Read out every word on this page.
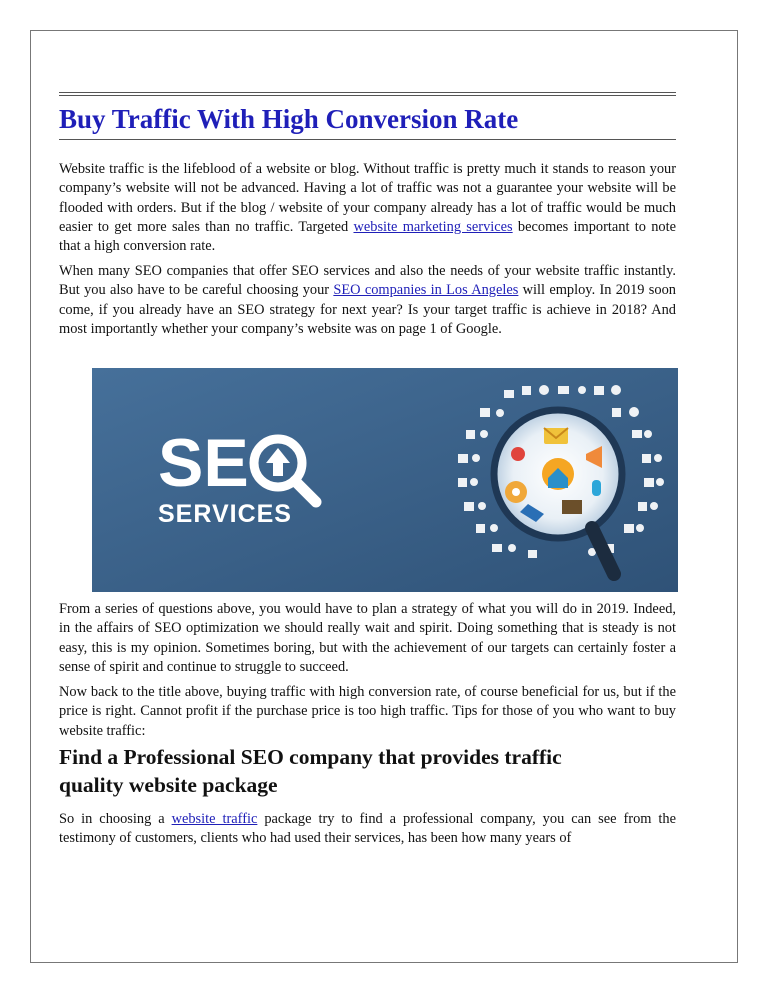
Buy Traffic With High Conversion Rate

Website traffic is the lifeblood of a website or blog. Without traffic is pretty much it stands to reason your company’s website will not be advanced. Having a lot of traffic was not a guarantee your website will be flooded with orders. But if the blog / website of your company already has a lot of traffic would be much easier to get more sales than no traffic. Targeted website marketing services becomes important to note that a high conversion rate.

When many SEO companies that offer SEO services and also the needs of your website traffic instantly. But you also have to be careful choosing your SEO companies in Los Angeles will employ. In 2019 soon come, if you already have an SEO strategy for next year? Is your target traffic is achieve in 2018? And most importantly whether your company’s website was on page 1 of Google.

SE
SERVICES

From a series of questions above, you would have to plan a strategy of what you will do in 2019. Indeed, in the affairs of SEO optimization we should really wait and spirit. Doing something that is steady is not easy, this is my opinion. Sometimes boring, but with the achievement of our targets can certainly foster a sense of spirit and continue to struggle to succeed.

Now back to the title above, buying traffic with high conversion rate, of course beneficial for us, but if the price is right. Cannot profit if the purchase price is too high traffic. Tips for those of you who want to buy website traffic:

Find a Professional SEO company that provides traffic quality website package

So in choosing a website traffic package try to find a professional company, you can see from the testimony of customers, clients who had used their services, has been how many years of
